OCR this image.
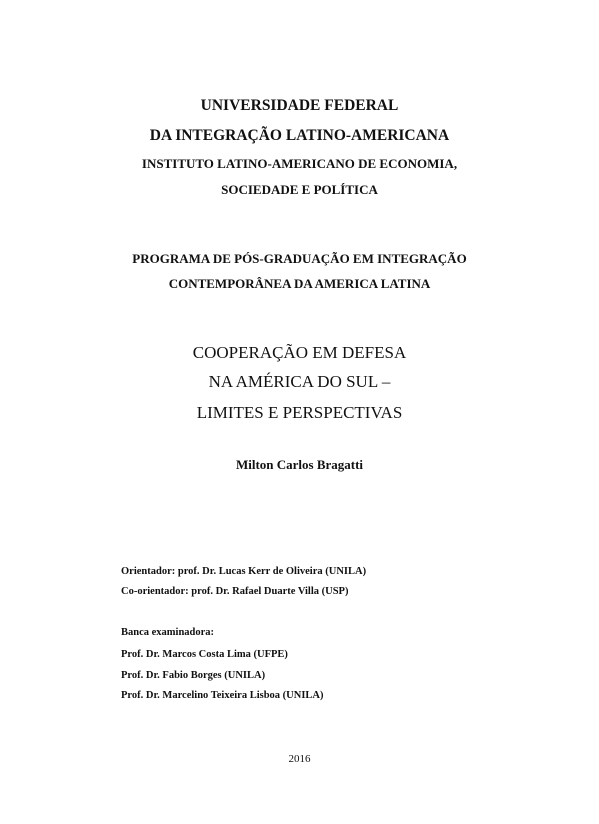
UNIVERSIDADE FEDERAL
DA INTEGRAÇÃO LATINO-AMERICANA
INSTITUTO LATINO-AMERICANO DE ECONOMIA,
SOCIEDADE E POLÍTICA
PROGRAMA DE PÓS-GRADUAÇÃO EM INTEGRAÇÃO
CONTEMPORÂNEA DA AMERICA LATINA
COOPERAÇÃO EM DEFESA
NA AMÉRICA DO SUL –
LIMITES E PERSPECTIVAS
Milton Carlos Bragatti
Orientador: prof. Dr. Lucas Kerr de Oliveira (UNILA)
Co-orientador: prof. Dr. Rafael Duarte Villa (USP)
Banca examinadora:
Prof. Dr. Marcos Costa Lima (UFPE)
Prof. Dr. Fabio Borges (UNILA)
Prof. Dr. Marcelino Teixeira Lisboa (UNILA)
2016
